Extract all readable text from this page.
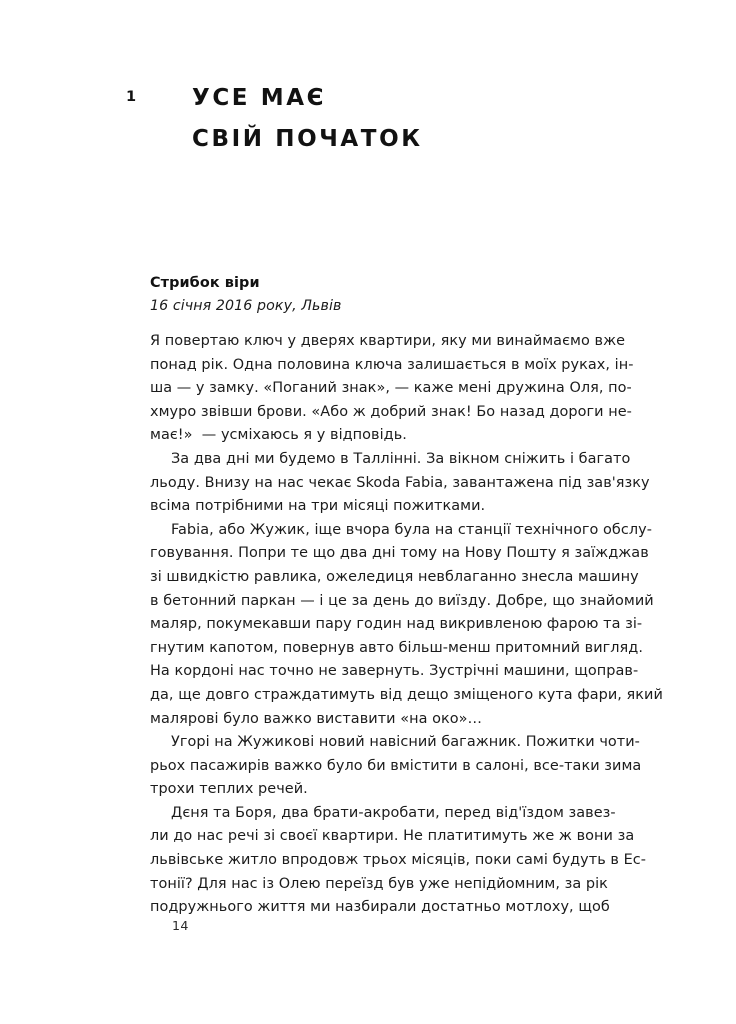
1 УСЕ МАЄ
СВІЙ ПОЧАТОК
Стрибок віри
16 січня 2016 року, Львів

Я повертаю ключ у дверях квартири, яку ми винаймаємо вже
понад рік. Одна половина ключа залишається в моїх руках, ін-
ша — у замку. «Поганий знак», — каже мені дружина Оля, по-
хмуро звівши брови. «Або ж добрий знак! Бо назад дороги не-
має!»  — усміхаюсь я у відповідь.

За два дні ми будемо в Таллінні. За вікном сніжить і багато
льоду. Внизу на нас чекає Skoda Fabia, завантажена під зав'язку
всіма потрібними на три місяці пожитками.

Fabia, або Жужик, іще вчора була на станції технічного обслу-
говування. Попри те що два дні тому на Нову Пошту я заїжджав
зі швидкістю равлика, ожеледиця невблаганно знесла машину
в бетонний паркан — і це за день до виїзду. Добре, що знайомий
маляр, покумекавши пару годин над викривленою фарою та зі-
гнутим капотом, повернув авто більш-менш притомний вигляд.
На кордоні нас точно не завернуть. Зустрічні машини, щоправ-
да, ще довго страждатимуть від дещо зміщеного кута фари, який
малярові було важко виставити «на око»…

Угорі на Жужикові новий навісний багажник. Пожитки чоти-
рьох пасажирів важко було би вмістити в салоні, все-таки зима
трохи теплих речей.

Дєня та Боря, два брати-акробати, перед від'їздом завез-
ли до нас речі зі своєї квартири. Не платитимуть же ж вони за
львівське житло впродовж трьох місяців, поки самі будуть в Ес-
тонії? Для нас із Олею переїзд був уже непідйомним, за рік
подружнього життя ми назбирали достатньо мотлоху, щоб

14
